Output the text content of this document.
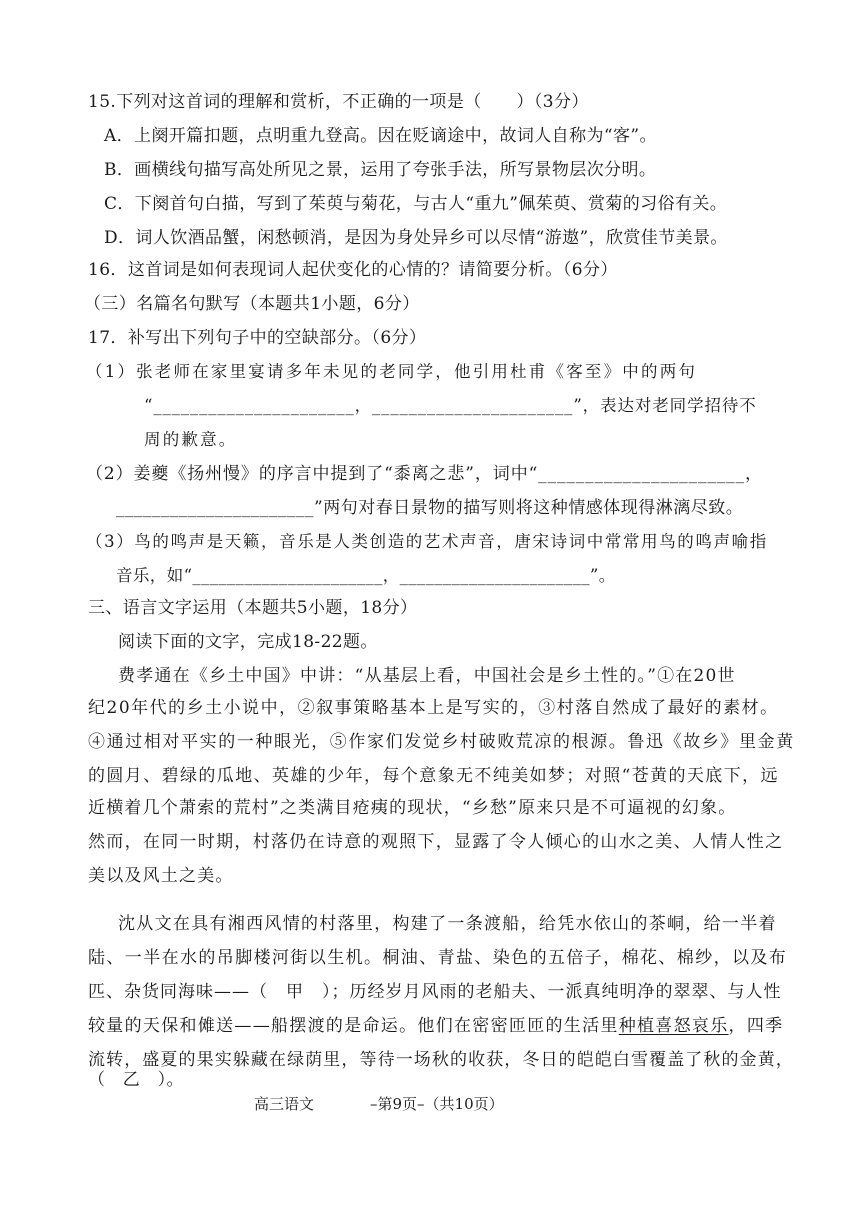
15.下列对这首词的理解和赏析，不正确的一项是（　　）（3分）
A．上阕开篇扣题，点明重九登高。因在贬谪途中，故词人自称为“客”。
B．画横线句描写高处所见之景，运用了夸张手法，所写景物层次分明。
C．下阕首句白描，写到了茱萸与菊花，与古人“重九”佩茱萸、赏菊的习俗有关。
D．词人饮酒品蟹，闲愁顿消，是因为身处异乡可以尽情“游遨”，欣赏佳节美景。
16．这首词是如何表现词人起伏变化的心情的？请简要分析。（6分）
（三）名篇名句默写（本题共1小题，6分）
17．补写出下列句子中的空缺部分。（6分）
（1）张老师在家里宴请多年未见的老同学，他引用杜甫《客至》中的两句
“______________________，______________________”，表达对老同学招待不
周的歉意。
（2）姜夔《扬州慢》的序言中提到了“黍离之悲”，词中“______________________，
______________________”两句对春日景物的描写则将这种情感体现得淋漓尽致。
（3）鸟的鸣声是天籁，音乐是人类创造的艺术声音，唐宋诗词中常常用鸟的鸣声喻指
音乐，如“______________________，______________________”。
三、语言文字运用（本题共5小题，18分）
阅读下面的文字，完成18-22题。
费孝通在《乡土中国》中讲：“从基层上看，中国社会是乡土性的。”①在20世
纪20年代的乡土小说中，②叙事策略基本上是写实的，③村落自然成了最好的素材。
④通过相对平实的一种眼光，⑤作家们发觉乡村破败荒凉的根源。鲁迅《故乡》里金黄
的圆月、碧绿的瓜地、英雄的少年，每个意象无不纯美如梦；对照“苍黄的天底下，远
近横着几个萧索的荒村”之类满目疮痍的现状，“乡愁”原来只是不可逼视的幻象。
然而，在同一时期，村落仍在诗意的观照下，显露了令人倾心的山水之美、人情人性之
美以及风土之美。
沈从文在具有湘西风情的村落里，构建了一条渡船，给凭水依山的茶峒，给一半着
陆、一半在水的吊脚楼河街以生机。桐油、青盐、染色的五倍子，棉花、棉纱，以及布
匹、杂货同海味——（　甲　）；历经岁月风雨的老船夫、一派真纯明净的翠翠、与人性
较量的天保和傩送——船摆渡的是命运。他们在密密匝匝的生活里种植喜怒哀乐，四季
流转，盛夏的果实躲藏在绿荫里，等待一场秋的收获，冬日的皑皑白雪覆盖了秋的金黄，
（　乙　）。
高三语文	–第9页–（共10页）
